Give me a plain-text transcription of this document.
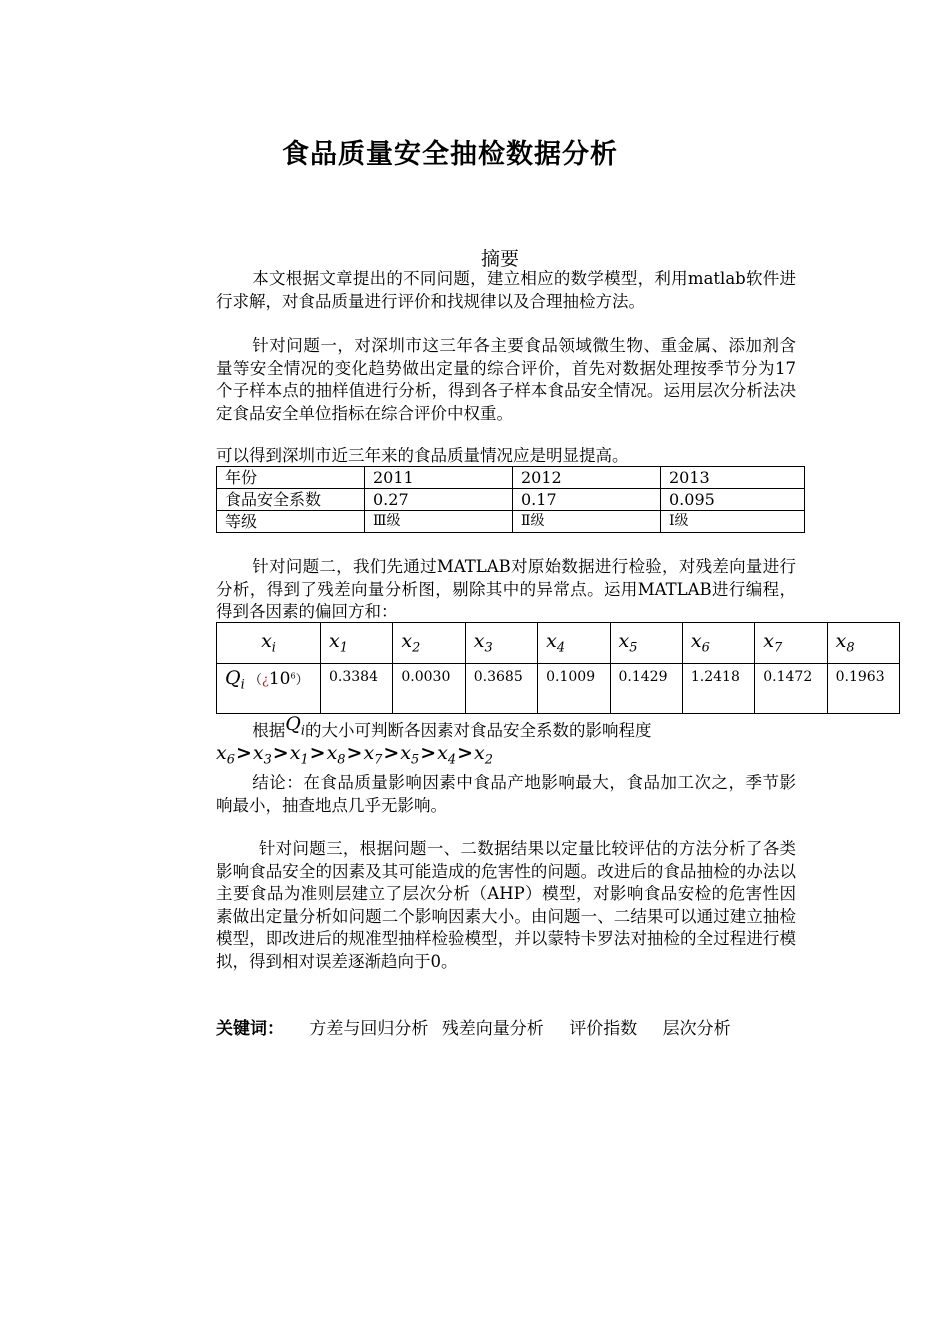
食品质量安全抽检数据分析
摘要

本文根据文章提出的不同问题，建立相应的数学模型，利用matlab软件进行求解，对食品质量进行评价和找规律以及合理抽检方法。

针对问题一，对深圳市这三年各主要食品领域微生物、重金属、添加剂含量等安全情况的变化趋势做出定量的综合评价，首先对数据处理按季节分为17个子样本点的抽样值进行分析，得到各子样本食品安全情况。运用层次分析法决定食品安全单位指标在综合评价中权重。

可以得到深圳市近三年来的食品质量情况应是明显提高。

年份	2011	2012	2013
食品安全系数	0.27	0.17	0.095
等级	Ⅲ级	Ⅱ级	Ⅰ级

针对问题二，我们先通过MATLAB对原始数据进行检验，对残差向量进行分析，得到了残差向量分析图，剔除其中的异常点。运用MATLAB进行编程，得到各因素的偏回方和：

$x_i$	$x_1$	$x_2$	$x_3$	$x_4$	$x_5$	$x_6$	$x_7$	$x_8$
$Q_i$ $(¿10^6)$	0.3384	0.0030	0.3685	0.1009	0.1429	1.2418	0.1472	0.1963

根据$Q_i$的大小可判断各因素对食品安全系数的影响程度

$x_6>x_3>x_1>x_8>x_7>x_5>x_4>x_2$

结论：在食品质量影响因素中食品产地影响最大，食品加工次之，季节影响最小，抽查地点几乎无影响。

针对问题三，根据问题一、二数据结果以定量比较评估的方法分析了各类影响食品安全的因素及其可能造成的危害性的问题。改进后的食品抽检的办法以主要食品为准则层建立了层次分析（AHP）模型，对影响食品安检的危害性因素做出定量分析如问题二个影响因素大小。由问题一、二结果可以通过建立抽检模型，即改进后的规准型抽样检验模型，并以蒙特卡罗法对抽检的全过程进行模拟，得到相对误差逐渐趋向于0。

关键词： 方差与回归分析 残差向量分析 评价指数 层次分析
